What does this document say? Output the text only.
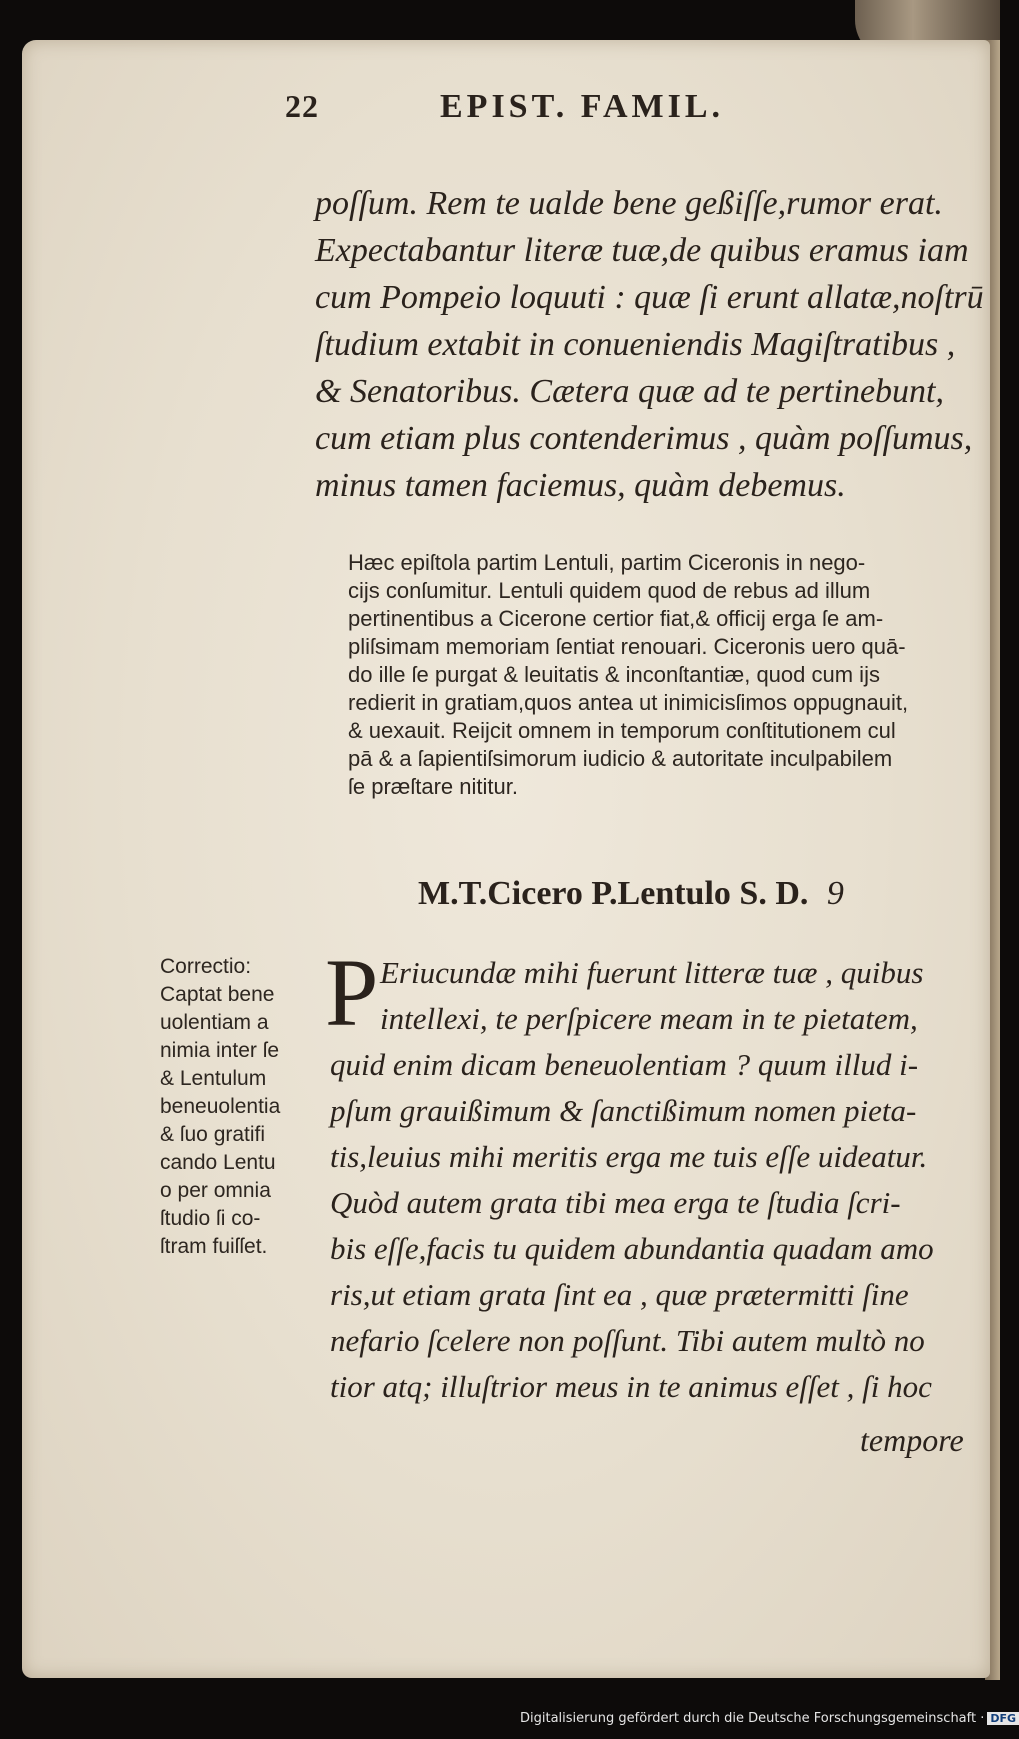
22	EPIST. FAMIL.
poſſum. Rem te ualde bene geßiſſe,rumor erat.
Expectabantur literæ tuæ,de quibus eramus iam
cum Pompeio loquuti : quæ ſi erunt allatæ,noſtrū
ſtudium extabit in conueniendis Magiſtratibus ,
& Senatoribus. Cætera quæ ad te pertinebunt,
cum etiam plus contenderimus , quàm poſſumus,
minus tamen faciemus, quàm debemus.
Hæc epiſtola partim Lentuli, partim Ciceronis in nego-
cijs conſumitur. Lentuli quidem quod de rebus ad illum
pertinentibus a Cicerone certior fiat,& officij erga ſe am-
pliſsimam memoriam ſentiat renouari. Ciceronis uero quā-
do ille ſe purgat & leuitatis & inconſtantiæ, quod cum ijs
redierit in gratiam,quos antea ut inimicisſimos oppugnauit,
& uexauit. Reijcit omnem in temporum conſtitutionem cul
pā & a ſapientiſsimorum iudicio & autoritate inculpabilem
ſe præſtare nititur.
M.T.Cicero P.Lentulo S. D. 9
P Eriucundæ mihi fuerunt litteræ tuæ , quibus
intellexi, te perſpicere meam in te pietatem,
quid enim dicam beneuolentiam ? quum illud i-
pſum grauißimum & ſanctißimum nomen pieta-
tis,leuius mihi meritis erga me tuis eſſe uideatur.
Quòd autem grata tibi mea erga te ſtudia ſcri-
bis eſſe,facis tu quidem abundantia quadam amo
ris,ut etiam grata ſint ea , quæ prætermitti ſine
nefario ſcelere non poſſunt. Tibi autem multò no
tior atq; illuſtrior meus in te animus eſſet , ſi hoc
tempore
Correctio:
Captat bene
uolentiam a
nimia inter ſe
& Lentulum
beneuolentia
& ſuo gratifi
cando Lentu
o per omnia
ſtudio ſi co-
ſtram fuiſſet.
Digitalisierung gefördert durch die Deutsche Forschungsgemeinschaft · DFG
